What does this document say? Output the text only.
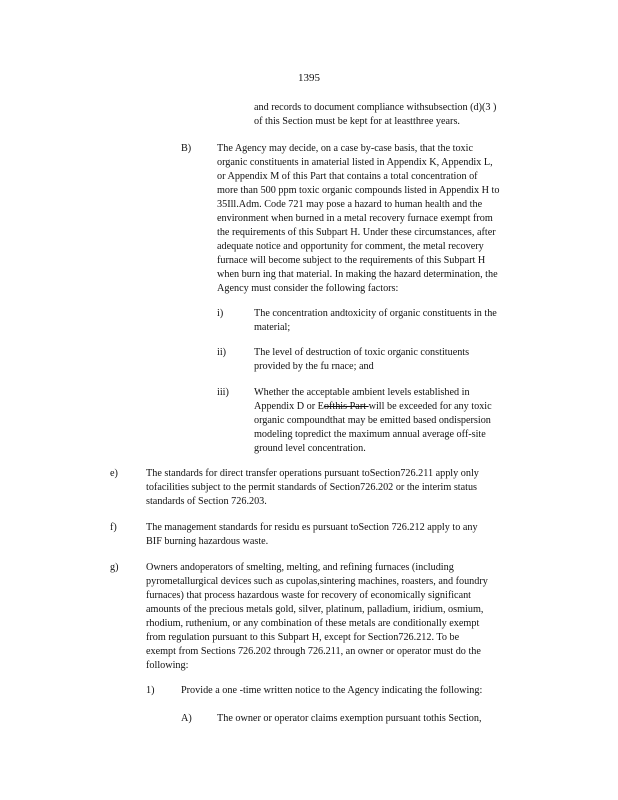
1395
and records to document compliance withsubsection (d)(3 )
of this Section must be kept for at leastthree years.
B)	The Agency may decide, on a case by-case basis, that the toxic
organic constituents in amaterial listed in Appendix K, Appendix L,
or Appendix M of this Part that contains a total concentration of
more than 500 ppm toxic organic compounds listed in Appendix H to
35Ill.Adm. Code 721 may pose a hazard to human health and the
environment when burned in a metal recovery furnace exempt from
the requirements of this Subpart H. Under these circumstances, after
adequate notice and opportunity for comment, the metal recovery
furnace will become subject to the requirements of this Subpart H
when burn ing that material. In making the hazard determination, the
Agency must consider the following factors:
i)	The concentration andtoxicity of organic constituents in the
material;
ii)	The level of destruction of toxic organic constituents
provided by the fu rnace; and
iii) Whether the acceptable ambient levels established in
Appendix D or Eofthis Part will be exceeded for any toxic
organic compoundthat may be emitted based ondispersion
modeling topredict the maximum annual average off-site
ground level concentration.
e)	The standards for direct transfer operations pursuant toSection726.211 apply only
tofacilities subject to the permit standards of Section726.202 or the interim status
standards of Section 726.203.
f)	The management standards for residu es pursuant toSection 726.212 apply to any
BIF burning hazardous waste.
g)	Owners andoperators of smelting, melting, and refining furnaces (including
pyrometallurgical devices such as cupolas,sintering machines, roasters, and foundry
furnaces) that process hazardous waste for recovery of economically significant
amounts of the precious metals gold, silver, platinum, palladium, iridium, osmium,
rhodium, ruthenium, or any combination of these metals are conditionally exempt
from regulation pursuant to this Subpart H, except for Section726.212. To be
exempt from Sections 726.202 through 726.211, an owner or operator must do the
following:
1)	Provide a one -time written notice to the Agency indicating the following:
A) The owner or operator claims exemption pursuant tothis Section,
